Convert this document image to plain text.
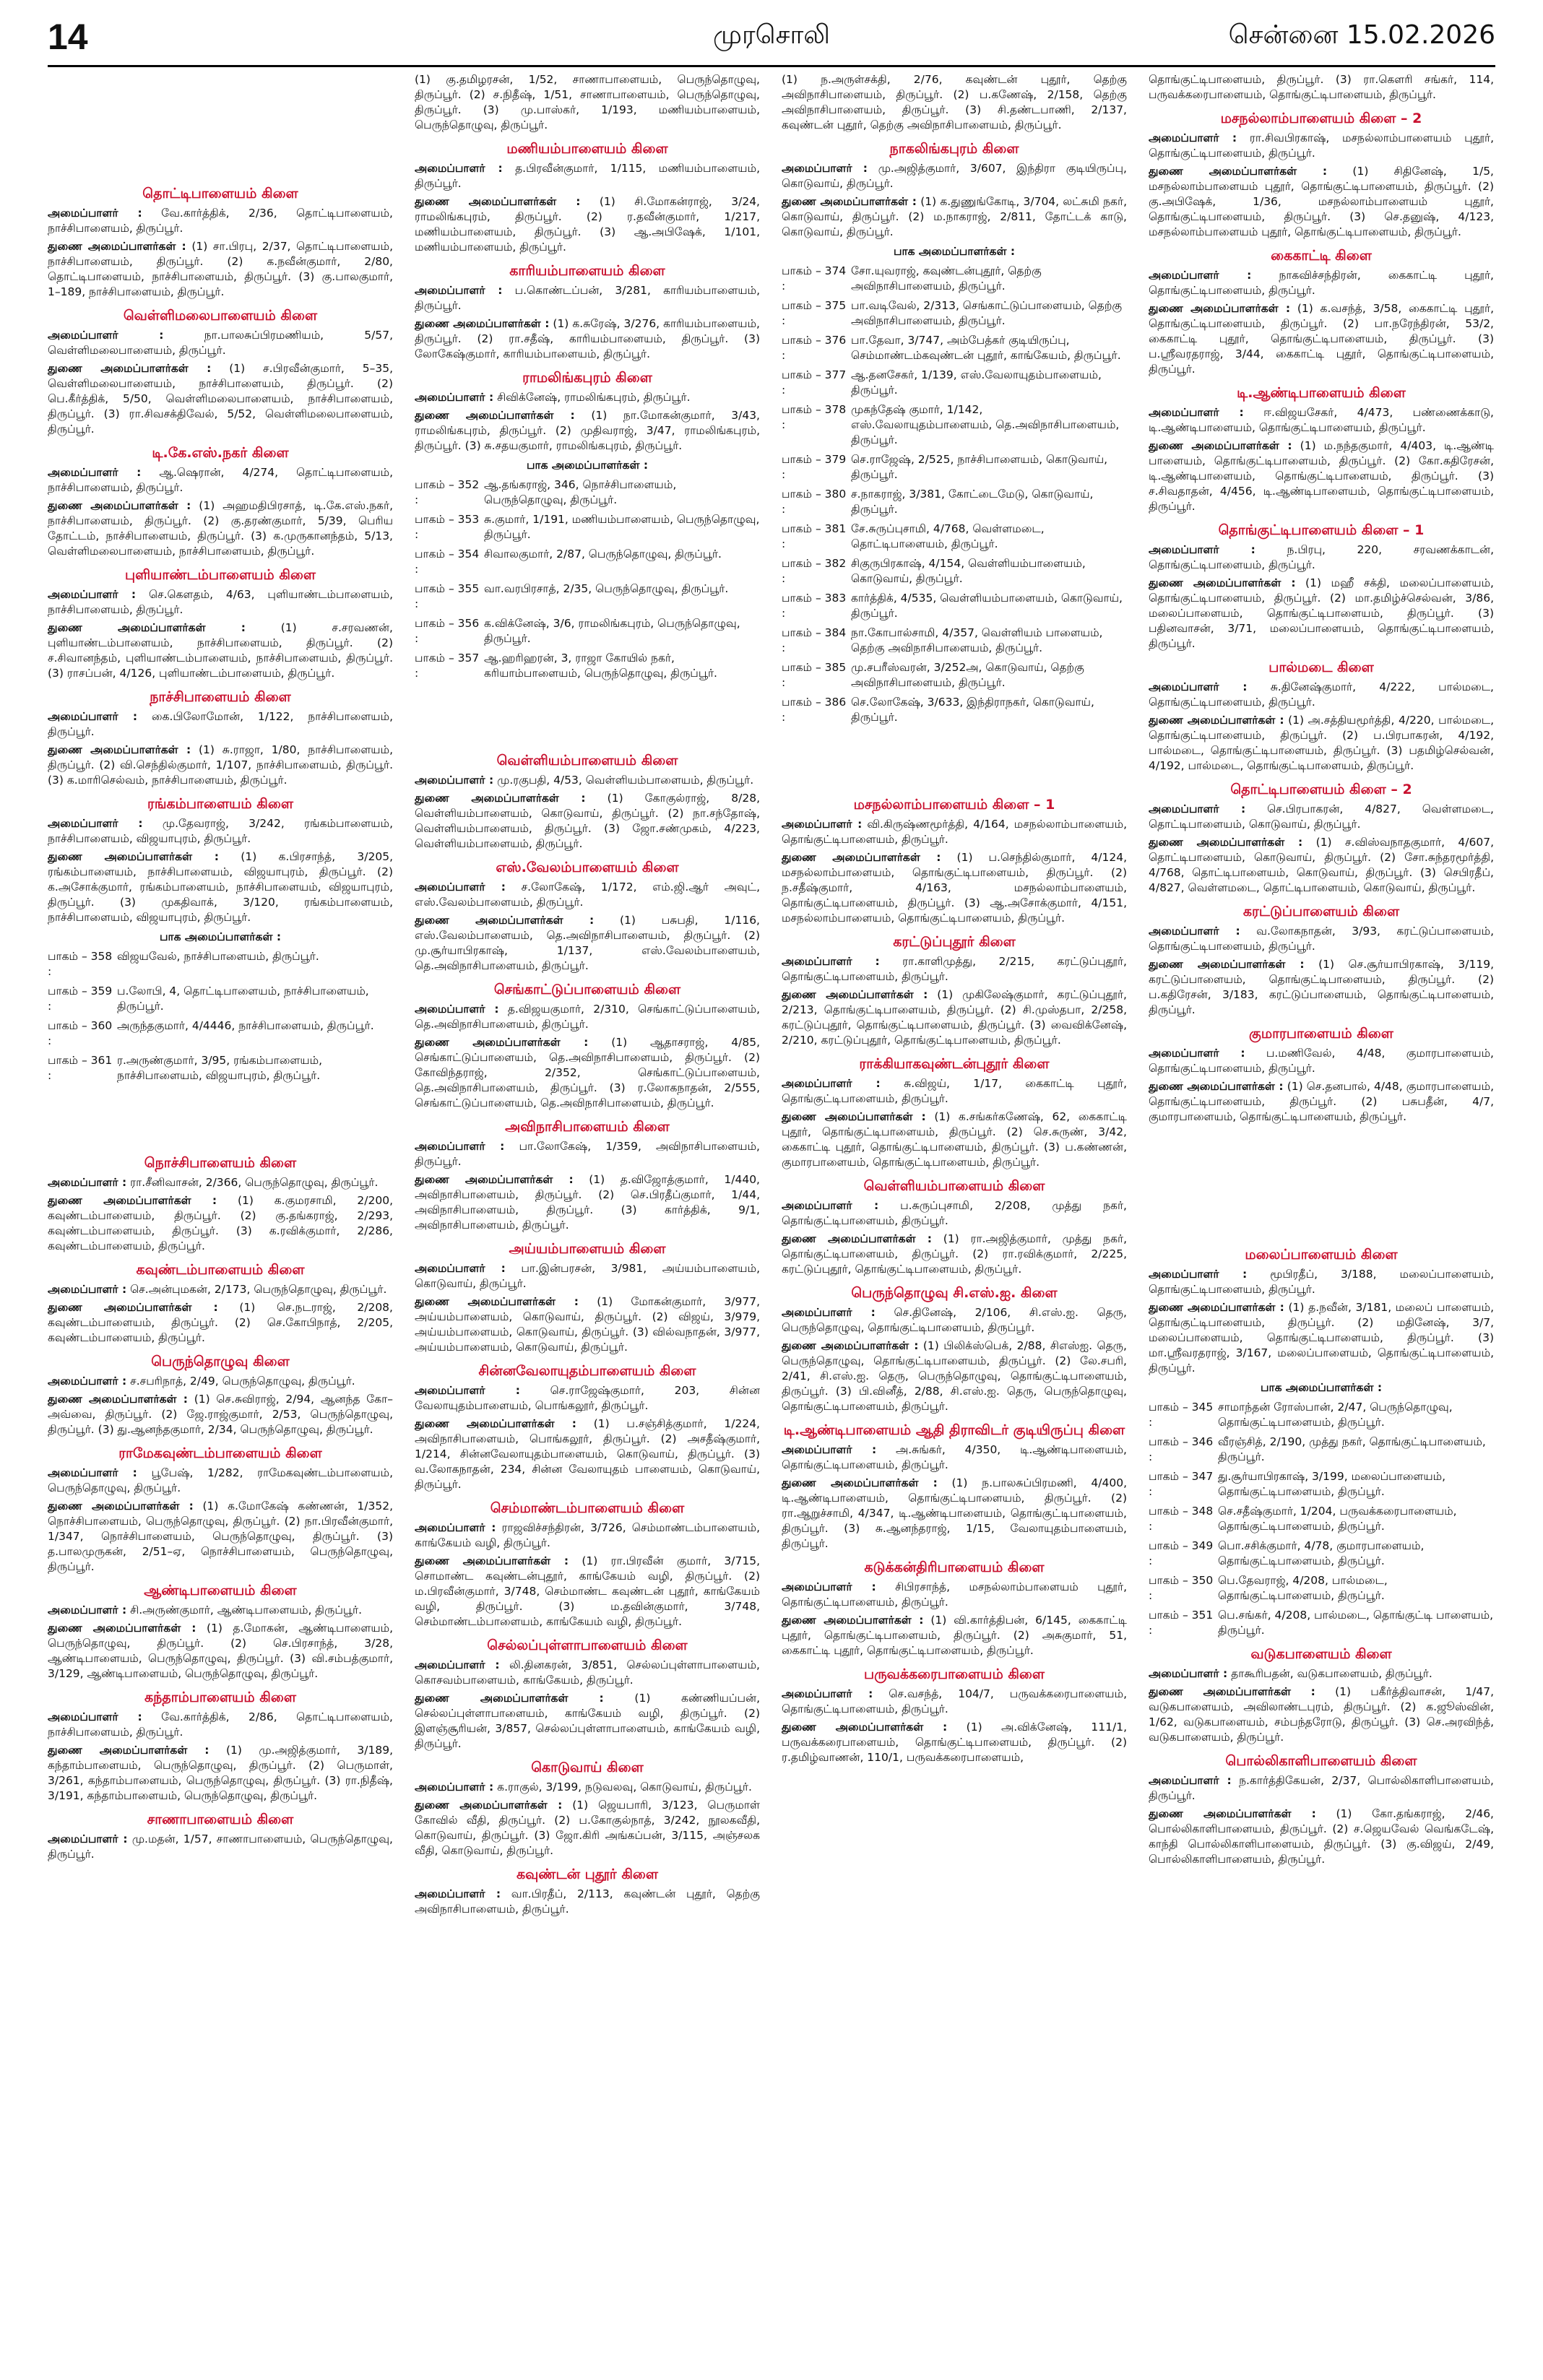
14	முரசொலி	சென்னை 15.02.2026
தொட்டிபாளையம் கிளை
அமைப்பாளர் : வே.கார்த்திக், 2/36, தொட்டிபாளையம், நாச்சிபாளையம், திருப்பூர்.
துணை அமைப்பாளர்கள் : (1) சா.பிரபு, 2/37, தொட்டிபாளையம், நாச்சிபாளையம், திருப்பூர். (2) க.நவீன்குமார், 2/80, தொட்டிபாளையம், நாச்சிபாளையம், திருப்பூர். (3) கு.பாலகுமார், 1–189, நாச்சிபாளையம், திருப்பூர்.
வெள்ளிமலைபாளையம் கிளை
அமைப்பாளர் :	நா.பாலசுப்பிரமணியம், 5/57, வெள்ளிமலைபாளையம், திருப்பூர்.
துணை அமைப்பாளர்கள் : (1) ச.பிரவீன்குமார், 5–35, வெள்ளிமலைபாளையம், நாச்சிபாளையம், திருப்பூர். (2) பெ.கீர்த்திக், 5/50, வெள்ளிமலைபாளையம், நாச்சிபாளையம், திருப்பூர். (3) ரா.சிவசக்திவேல், 5/52, வெள்ளிமலைபாளையம், திருப்பூர்.
டி.கே.எஸ்.நகர் கிளை
அமைப்பாளர் : ஆ.ஷெரான், 4/274, தொட்டிபாளையம், நாச்சிபாளையம், திருப்பூர்.
துணை அமைப்பாளர்கள் : (1) அஹமதிபிரசாத், டி.கே.எஸ்.நகர், நாச்சிபாளையம், திருப்பூர். (2) கு.தரண்குமார், 5/39, பெரிய தோட்டம், நாச்சிபாளையம், திருப்பூர். (3) க.முருகானந்தம், 5/13, வெள்ளிமலைபாளையம், நாச்சிபாளையம், திருப்பூர்.
புளியாண்டம்பாளையம் கிளை
அமைப்பாளர் : செ.கௌதம், 4/63, புளியாண்டம்பாளையம், நாச்சிபாளையம், திருப்பூர்.
துணை அமைப்பாளர்கள் :	(1) ச.சரவணன், புளியாண்டம்பாளையம், நாச்சிபாளையம், திருப்பூர். (2) ச.சிவானந்தம், புளியாண்டம்பாளையம், நாச்சிபாளையம், திருப்பூர். (3) ராசப்பன், 4/126, புளியாண்டம்பாளையம், திருப்பூர்.
நாச்சிபாளையம் கிளை
அமைப்பாளர் : கை.பிலோமோன், 1/122, நாச்சிபாளையம், திருப்பூர்.
துணை அமைப்பாளர்கள் : (1) சு.ராஜா, 1/80, நாச்சிபாளையம், திருப்பூர். (2) வி.செந்தில்குமார், 1/107, நாச்சிபாளையம், திருப்பூர். (3) க.மாரிசெல்வம், நாச்சிபாளையம், திருப்பூர்.
ரங்கம்பாளையம் கிளை
அமைப்பாளர் : மு.தேவராஜ், 3/242, ரங்கம்பாளையம், நாச்சிபாளையம், விஜயாபுரம், திருப்பூர்.
துணை அமைப்பாளர்கள் : (1) க.பிரசாந்த், 3/205, ரங்கம்பாளையம், நாச்சிபாளையம், விஜயாபுரம், திருப்பூர். (2) க.அசோக்குமார், ரங்கம்பாளையம், நாச்சிபாளையம், விஜயாபுரம், திருப்பூர். (3) முகதிவாக், 3/120, ரங்கம்பாளையம், நாச்சிபாளையம், விஜயாபுரம், திருப்பூர்.
பாக அமைப்பாளர்கள் :
பாகம் – 358 :
விஜயவேல், நாச்சிபாளையம், திருப்பூர்.
பாகம் – 359 :
ப.லோபி, 4, தொட்டிபாளையம், நாச்சிபாளையம், திருப்பூர்.
பாகம் – 360 :
அருந்தகுமார், 4/4446, நாச்சிபாளையம், திருப்பூர்.
பாகம் – 361 :
ர.அருண்குமார், 3/95, ரங்கம்பாளையம், நாச்சிபாளையம், விஜயாபுரம், திருப்பூர்.
நொச்சிபாளையம் கிளை
அமைப்பாளர் : ரா.சீனிவாசன், 2/366, பெருந்தொழுவு, திருப்பூர்.
துணை அமைப்பாளர்கள் : (1) க.குமரசாமி, 2/200, கவுண்டம்பாளையம், திருப்பூர். (2) கு.தங்கராஜ், 2/293, கவுண்டம்பாளையம், திருப்பூர். (3) க.ரவிக்குமார், 2/286, கவுண்டம்பாளையம், திருப்பூர்.
கவுண்டம்பாளையம் கிளை
அமைப்பாளர் : செ.அன்புமகன், 2/173, பெருந்தொழுவு, திருப்பூர்.
துணை அமைப்பாளர்கள் : (1) செ.நடராஜ், 2/208, கவுண்டம்பாளையம், திருப்பூர். (2) செ.கோபிநாத், 2/205, கவுண்டம்பாளையம், திருப்பூர்.
பெருந்தொழுவு கிளை
அமைப்பாளர் : ச.சபரிநாத், 2/49, பெருந்தொழுவு, திருப்பூர்.
துணை அமைப்பாளர்கள் : (1) செ.சுவிராஜ், 2/94, ஆனந்த கோ–அவ்வை, திருப்பூர். (2) ஜே.ராஜ்குமார், 2/53, பெருந்தொழுவு, திருப்பூர். (3) து.ஆனந்தகுமார், 2/34, பெருந்தொழுவு, திருப்பூர்.
ராமேகவுண்டம்பாளையம் கிளை
அமைப்பாளர் : பூபேஷ், 1/282, ராமேகவுண்டம்பாளையம், பெருந்தொழுவு, திருப்பூர்.
துணை அமைப்பாளர்கள் : (1) க.மோகேஷ் கண்ணன், 1/352, நொச்சிபாளையம், பெருந்தொழுவு, திருப்பூர். (2) நா.பிரவீன்குமார், 1/347, நொச்சிபாளையம், பெருந்தொழுவு, திருப்பூர். (3) த.பாலமுருகன், 2/51–ஏ, நொச்சிபாளையம், பெருந்தொழுவு, திருப்பூர்.
ஆண்டிபாளையம் கிளை
அமைப்பாளர் : சி.அருண்குமார், ஆண்டிபாளையம், திருப்பூர்.
துணை அமைப்பாளர்கள் : (1) த.மோகன், ஆண்டிபாளையம், பெருந்தொழுவு, திருப்பூர். (2) செ.பிரசாந்த், 3/28, ஆண்டிபாளையம், பெருந்தொழுவு, திருப்பூர். (3) வி.சம்பத்குமார், 3/129, ஆண்டிபாளையம், பெருந்தொழுவு, திருப்பூர்.
கந்தாம்பாளையம் கிளை
அமைப்பாளர் : வே.கார்த்திக், 2/86, தொட்டிபாளையம், நாச்சிபாளையம், திருப்பூர்.
துணை அமைப்பாளர்கள் : (1) மு.அஜித்குமார், 3/189, கந்தாம்பாளையம், பெருந்தொழுவு, திருப்பூர். (2) பெருமாள், 3/261, கந்தாம்பாளையம், பெருந்தொழுவு, திருப்பூர். (3) ரா.நிதீஷ், 3/191, கந்தாம்பாளையம், பெருந்தொழுவு, திருப்பூர்.
சாணாபாளையம் கிளை
அமைப்பாளர் : மு.மதன், 1/57, சாணாபாளையம், பெருந்தொழுவு, திருப்பூர்.
(1) கு.தமிழரசன், 1/52, சாணாபாளையம், பெருந்தொழுவு, திருப்பூர். (2) ச.நிதீஷ், 1/51, சாணாபாளையம், பெருந்தொழுவு, திருப்பூர். (3) மு.பாஸ்கர், 1/193, மணியம்பாளையம், பெருந்தொழுவு, திருப்பூர்.
மணியம்பாளையம் கிளை
அமைப்பாளர் : த.பிரவீன்குமார், 1/115, மணியம்பாளையம், திருப்பூர்.
துணை அமைப்பாளர்கள் : (1) சி.மோகன்ராஜ், 3/24, ராமலிங்கபுரம், திருப்பூர். (2) ர.தவீன்குமார், 1/217, மணியம்பாளையம், திருப்பூர். (3) ஆ.அபிஷேக், 1/101, மணியம்பாளையம், திருப்பூர்.
காரியம்பாளையம் கிளை
அமைப்பாளர் : ப.கொண்டப்பன், 3/281, காரியம்பாளையம், திருப்பூர்.
துணை அமைப்பாளர்கள் : (1) க.சுரேஷ், 3/276, காரியம்பாளையம், திருப்பூர். (2) ரா.சதீஷ், காரியம்பாளையம், திருப்பூர். (3) லோகேஷ்குமார், காரியம்பாளையம், திருப்பூர்.
ராமலிங்கபுரம் கிளை
அமைப்பாளர் : சிவிக்னேஷ், ராமலிங்கபுரம், திருப்பூர்.
துணை அமைப்பாளர்கள் : (1) நா.மோகன்குமார், 3/43, ராமலிங்கபுரம், திருப்பூர். (2) முதிவராஜ், 3/47, ராமலிங்கபுரம், திருப்பூர். (3) சு.சதயகுமார், ராமலிங்கபுரம், திருப்பூர்.
பாக அமைப்பாளர்கள் :
பாகம் – 352 :
ஆ.தங்கராஜ், 346, நொச்சிபாளையம், பெருந்தொழுவு, திருப்பூர்.
பாகம் – 353 :
சு.குமார், 1/191, மணியம்பாளையம், பெருந்தொழுவு, திருப்பூர்.
பாகம் – 354 :
சிவாலகுமார், 2/87, பெருந்தொழுவு, திருப்பூர்.
பாகம் – 355 :
வா.வரபிரசாத், 2/35, பெருந்தொழுவு, திருப்பூர்.
பாகம் – 356 :
க.விக்னேஷ், 3/6, ராமலிங்கபுரம், பெருந்தொழுவு, திருப்பூர்.
பாகம் – 357 :
ஆ.ஹரிஹரன், 3, ராஜா கோயில் நகர், கரியாம்பாளையம், பெருந்தொழுவு, திருப்பூர்.
வெள்ளியம்பாளையம் கிளை
அமைப்பாளர் : மு.ரகுபதி, 4/53, வெள்ளியம்பாளையம், திருப்பூர்.
துணை அமைப்பாளர்கள் : (1) கோகுல்ராஜ், 8/28, வெள்ளியம்பாளையம், கொடுவாய், திருப்பூர். (2) நா.சந்தோஷ், வெள்ளியம்பாளையம், திருப்பூர். (3) ஜோ.சண்முகம், 4/223, வெள்ளியம்பாளையம், திருப்பூர்.
எஸ்.வேலம்பாளையம் கிளை
அமைப்பாளர் : ச.லோகேஷ், 1/172, எம்.ஜி.ஆர் அவுட், எஸ்.வேலம்பாளையம், திருப்பூர்.
துணை அமைப்பாளர்கள் : (1) பசுபதி, 1/116, எஸ்.வேலம்பாளையம், தெ.அவிநாசிபாளையம், திருப்பூர். (2) மு.சூர்யாபிரகாஷ், 1/137, எஸ்.வேலம்பாளையம், தெ.அவிநாசிபாளையம், திருப்பூர்.
செங்காட்டுப்பாளையம் கிளை
அமைப்பாளர் : த.விஜயகுமார், 2/310, செங்காட்டுப்பாளையம், தெ.அவிநாசிபாளையம், திருப்பூர்.
துணை அமைப்பாளர்கள் : (1) ஆதாசராஜ், 4/85, செங்காட்டுப்பாளையம், தெ.அவிநாசிபாளையம், திருப்பூர். (2) கோவிந்தராஜ், 2/352, செங்காட்டுப்பாளையம், தெ.அவிநாசிபாளையம், திருப்பூர். (3) ர.லோகநாதன், 2/555, செங்காட்டுப்பாளையம், தெ.அவிநாசிபாளையம், திருப்பூர்.
அவிநாசிபாளையம் கிளை
அமைப்பாளர் : பா.லோகேஷ், 1/359, அவிநாசிபாளையம், திருப்பூர்.
துணை அமைப்பாளர்கள் : (1) த.விஜோத்குமார், 1/440, அவிநாசிபாளையம், திருப்பூர். (2) செ.பிரதீப்குமார், 1/44, அவிநாசிபாளையம், திருப்பூர். (3) கார்த்திக், 9/1, அவிநாசிபாளையம், திருப்பூர்.
அய்யம்பாளையம் கிளை
அமைப்பாளர் : பா.இன்பரசன், 3/981, அய்யம்பாளையம், கொடுவாய், திருப்பூர்.
துணை அமைப்பாளர்கள் : (1) மோகன்குமார், 3/977, அய்யம்பாளையம், கொடுவாய், திருப்பூர். (2) விஜய், 3/979, அய்யம்பாளையம், கொடுவாய், திருப்பூர். (3) வில்வநாதன், 3/977, அய்யம்பாளையம், கொடுவாய், திருப்பூர்.
சின்னவேலாயுதம்பாளையம் கிளை
அமைப்பாளர் :	செ.ராஜேஷ்குமார், 203, சின்ன வேலாயுதம்பாளையம், பொங்கலூர், திருப்பூர்.
துணை அமைப்பாளர்கள் : (1) ப.சஞ்சித்குமார், 1/224, அவிநாசிபாளையம், பொங்கலூர், திருப்பூர். (2) அசதீஷ்குமார், 1/214, சின்னவேலாயுதம்பாளையம், கொடுவாய், திருப்பூர். (3) வ.லோகநாதன், 234, சின்ன வேலாயுதம் பாளையம், கொடுவாய், திருப்பூர்.
செம்மாண்டம்பாளையம் கிளை
அமைப்பாளர் : ராஜவிச்சந்திரன், 3/726, செம்மாண்டம்பாளையம், காங்கேயம் வழி, திருப்பூர்.
துணை அமைப்பாளர்கள் : (1) ரா.பிரவீன் குமார், 3/715, சொமாண்ட கவுண்டன்புதூர், காங்கேயம் வழி, திருப்பூர். (2) ம.பிரவீன்குமார், 3/748, செம்மாண்ட கவுண்டன் புதூர், காங்கேயம் வழி, திருப்பூர். (3) ம.தவின்குமார், 3/748, செம்மாண்டம்பாளையம், காங்கேயம் வழி, திருப்பூர்.
செல்லப்புள்ளாபாளையம் கிளை
அமைப்பாளர் : லி.தினகரன், 3/851, செல்லப்புள்ளாபாளையம், கொசவம்பாளையம், காங்கேயம், திருப்பூர்.
துணை அமைப்பாளர்கள் :	(1) கண்ணியப்பன், செல்லப்புள்ளாபாளையம், காங்கேயம் வழி, திருப்பூர். (2) இளஞ்சூரியன், 3/857, செல்லப்புள்ளாபாளையம், காங்கேயம் வழி, திருப்பூர்.
கொடுவாய் கிளை
அமைப்பாளர் : க.ராகுல், 3/199, நடுவலவு, கொடுவாய், திருப்பூர்.
துணை அமைப்பாளர்கள் : (1) ஜெயபாரி, 3/123, பெருமாள் கோவில் வீதி, திருப்பூர். (2) ப.கோகுல்நாத், 3/242, நூலகவீதி, கொடுவாய், திருப்பூர். (3) ஜோ.கிரி அங்கப்பன், 3/115, அஞ்சலக வீதி, கொடுவாய், திருப்பூர்.
கவுண்டன் புதூர் கிளை
அமைப்பாளர் : வா.பிரதீப், 2/113, கவுண்டன் புதூர், தெற்கு அவிநாசிபாளையம், திருப்பூர்.
(1) ந.அருள்சக்தி, 2/76, கவுண்டன் புதூர், தெற்கு அவிநாசிபாளையம், திருப்பூர். (2) ப.கணேஷ், 2/158, தெற்கு அவிநாசிபாளையம், திருப்பூர். (3) சி.தண்டபாணி, 2/137, கவுண்டன் புதூர், தெற்கு அவிநாசிபாளையம், திருப்பூர்.
நாகலிங்கபுரம் கிளை
அமைப்பாளர் : மு.அஜித்குமார், 3/607, இந்திரா குடியிருப்பு, கொடுவாய், திருப்பூர்.
துணை அமைப்பாளர்கள் : (1) க.துணுங்கோடி, 3/704, லட்சுமி நகர், கொடுவாய், திருப்பூர். (2) ம.நாகராஜ், 2/811, தோட்டக் காடு, கொடுவாய், திருப்பூர்.
பாக அமைப்பாளர்கள் :
பாகம் – 374 :
சோ.யுவராஜ், கவுண்டன்புதூர், தெற்கு அவிநாசிபாளையம், திருப்பூர்.
பாகம் – 375 :
பா.வடிவேல், 2/313, செங்காட்டுப்பாளையம், தெற்கு அவிநாசிபாளையம், திருப்பூர்.
பாகம் – 376 :
பா.தேவா, 3/747, அம்பேத்கர் குடியிருப்பு, செம்மாண்டம்கவுண்டன் புதூர், காங்கேயம், திருப்பூர்.
பாகம் – 377 :
ஆ.தனசேகர், 1/139, எஸ்.வேலாயுதம்பாளையம், திருப்பூர்.
பாகம் – 378 :
முகந்தேஷ் குமார், 1/142, எஸ்.வேலாயுதம்பாளையம், தெ.அவிநாசிபாளையம், திருப்பூர்.
பாகம் – 379 :
செ.ராஜேஷ், 2/525, நாச்சிபாளையம், கொடுவாய், திருப்பூர்.
பாகம் – 380 :
ச.நாகராஜ், 3/381, கோட்டைமேடு, கொடுவாய், திருப்பூர்.
பாகம் – 381 :
சே.சுருப்புசாமி, 4/768, வெள்ளமடை, தொட்டிபாளையம், திருப்பூர்.
பாகம் – 382 :
சிகுருபிரகாஷ், 4/154, வெள்ளியம்பாளையம், கொடுவாய், திருப்பூர்.
பாகம் – 383 :
கார்த்திக், 4/535, வெள்ளியம்பாளையம், கொடுவாய், திருப்பூர்.
பாகம் – 384 :
நா.கோபால்சாமி, 4/357, வெள்ளியம் பாளையம், தெற்கு அவிநாசிபாளையம், திருப்பூர்.
பாகம் – 385 :
மு.சபரீஸ்வரன், 3/252அ, கொடுவாய், தெற்கு அவிநாசிபாளையம், திருப்பூர்.
பாகம் – 386 :
செ.லோகேஷ், 3/633, இந்திராநகர், கொடுவாய், திருப்பூர்.
மசநல்லாம்பாளையம் கிளை – 1
அமைப்பாளர் : வி.கிருஷ்ணமூர்த்தி, 4/164, மசநல்லாம்பாளையம், தொங்குட்டிபாளையம், திருப்பூர்.
துணை அமைப்பாளர்கள் : (1) ப.செந்தில்குமார், 4/124, மசநல்லாம்பாளையம், தொங்குட்டிபாளையம், திருப்பூர். (2) ந.சதீஷ்குமார், 4/163, மசநல்லாம்பாளையம், தொங்குட்டிபாளையம், திருப்பூர். (3) ஆ.அசோக்குமார், 4/151, மசநல்லாம்பாளையம், தொங்குட்டிபாளையம், திருப்பூர்.
கரட்டுப்புதூர் கிளை
அமைப்பாளர் : ரா.காளிமுத்து, 2/215, கரட்டுப்புதூர், தொங்குட்டிபாளையம், திருப்பூர்.
துணை அமைப்பாளர்கள் : (1) முகிலேஷ்குமார், கரட்டுப்புதூர், 2/213, தொங்குட்டிபாளையம், திருப்பூர். (2) சி.முஸ்தபா, 2/258, கரட்டுப்புதூர், தொங்குட்டிபாளையம், திருப்பூர். (3) வைவிக்னேஷ், 2/210, கரட்டுப்புதூர், தொங்குட்டிபாளையம், திருப்பூர்.
ராக்கியாகவுண்டன்புதூர் கிளை
அமைப்பாளர் : சு.விஜய், 1/17, கைகாட்டி புதூர், தொங்குட்டிபாளையம், திருப்பூர்.
துணை அமைப்பாளர்கள் : (1) க.சங்கர்கணேஷ், 62, கைகாட்டி புதூர், தொங்குட்டிபாளையம், திருப்பூர். (2) செ.சுருண், 3/42, கைகாட்டி புதூர், தொங்குட்டிபாளையம், திருப்பூர். (3) ப.கண்ணன், குமாரபாளையம், தொங்குட்டிபாளையம், திருப்பூர்.
வெள்ளியம்பாளையம் கிளை
அமைப்பாளர் : ப.சுருப்புசாமி, 2/208, முத்து நகர், தொங்குட்டிபாளையம், திருப்பூர்.
துணை அமைப்பாளர்கள் : (1) ரா.அஜித்குமார், முத்து நகர், தொங்குட்டிபாளையம், திருப்பூர். (2) ரா.ரவிக்குமார், 2/225, கரட்டுப்புதூர், தொங்குட்டிபாளையம், திருப்பூர்.
பெருந்தொழுவு சி.எஸ்.ஐ. கிளை
அமைப்பாளர் : செ.தினேஷ், 2/106, சி.எஸ்.ஐ. தெரு, பெருந்தொழுவு, தொங்குட்டிபாளையம், திருப்பூர்.
துணை அமைப்பாளர்கள் : (1) பிலிக்ஸ்பெக், 2/88, சிஎஸ்ஐ. தெரு, பெருந்தொழுவு, தொங்குட்டிபாளையம், திருப்பூர். (2) லே.சபரி, 2/41, சி.எஸ்.ஐ. தெரு, பெருந்தொழுவு, தொங்குட்டிபாளையம், திருப்பூர். (3) பி.வினீத், 2/88, சி.எஸ்.ஐ. தெரு, பெருந்தொழுவு, தொங்குட்டிபாளையம், திருப்பூர்.
டி.ஆண்டிபாளையம் ஆதி திராவிடர் குடியிருப்பு கிளை
அமைப்பாளர் : அ.சுங்கர், 4/350, டி.ஆண்டிபாளையம், தொங்குட்டிபாளையம், திருப்பூர்.
துணை அமைப்பாளர்கள் : (1) ந.பாலசுப்பிரமணி, 4/400, டி.ஆண்டிபாளையம், தொங்குட்டிபாளையம், திருப்பூர். (2) ரா.ஆறுச்சாமி, 4/347, டி.ஆண்டிபாளையம், தொங்குட்டிபாளையம், திருப்பூர். (3) சு.ஆனந்தராஜ், 1/15, வேலாயுதம்பாளையம், திருப்பூர்.
கடுக்கன்திரிபாளையம் கிளை
அமைப்பாளர் : சிபிரசாந்த், மசநல்லாம்பாளையம் புதூர், தொங்குட்டிபாளையம், திருப்பூர்.
துணை அமைப்பாளர்கள் : (1) வி.கார்த்திபன், 6/145, கைகாட்டி புதூர், தொங்குட்டிபாளையம், திருப்பூர். (2) அசுகுமார், 51, கைகாட்டி புதூர், தொங்குட்டிபாளையம், திருப்பூர்.
பருவக்கரைபாளையம் கிளை
அமைப்பாளர் : செ.வசந்த், 104/7, பருவக்கரைபாளையம், தொங்குட்டிபாளையம், திருப்பூர்.
துணை அமைப்பாளர்கள் : (1) அ.விக்னேஷ், 111/1, பருவக்கரைபாளையம், தொங்குட்டிபாளையம், திருப்பூர். (2) ர.தமிழ்வாணன், 110/1, பருவக்கரைபாளையம்,
தொங்குட்டிபாளையம், திருப்பூர். (3) ரா.கௌரி சங்கர், 114, பருவக்கரைபாளையம், தொங்குட்டிபாளையம், திருப்பூர்.
மசநல்லாம்பாளையம் கிளை – 2
அமைப்பாளர் : ரா.சிவபிரகாஷ், மசநல்லாம்பாளையம் புதூர், தொங்குட்டிபாளையம், திருப்பூர்.
துணை அமைப்பாளர்கள் : (1) சிதினேஷ், 1/5, மசநல்லாம்பாளையம் புதூர், தொங்குட்டிபாளையம், திருப்பூர். (2) கு.அபிஷேக், 1/36, மசநல்லாம்பாளையம் புதூர், தொங்குட்டிபாளையம், திருப்பூர். (3) செ.தனுஷ், 4/123, மசநல்லாம்பாளையம் புதூர், தொங்குட்டிபாளையம், திருப்பூர்.
கைகாட்டி கிளை
அமைப்பாளர் : நாகவிச்சந்திரன், கைகாட்டி புதூர், தொங்குட்டிபாளையம், திருப்பூர்.
துணை அமைப்பாளர்கள் : (1) க.வசந்த், 3/58, கைகாட்டி புதூர், தொங்குட்டிபாளையம், திருப்பூர். (2) பா.நரேந்திரன், 53/2, கைகாட்டி புதூர், தொங்குட்டிபாளையம், திருப்பூர். (3) ப.ஸ்ரீவரதராஜ், 3/44, கைகாட்டி புதூர், தொங்குட்டிபாளையம், திருப்பூர்.
டி.ஆண்டிபாளையம் கிளை
அமைப்பாளர் : ஈ.விஜயசேகர், 4/473, பண்ணைக்காடு, டி.ஆண்டிபாளையம், தொங்குட்டிபாளையம், திருப்பூர்.
துணை அமைப்பாளர்கள் : (1) ம.நந்தகுமார், 4/403, டி.ஆண்டி பாளையம், தொங்குட்டிபாளையம், திருப்பூர். (2) கோ.கதிரேசன், டி.ஆண்டிபாளையம், தொங்குட்டிபாளையம், திருப்பூர். (3) ச.சிவதாதன், 4/456, டி.ஆண்டிபாளையம், தொங்குட்டிபாளையம், திருப்பூர்.
தொங்குட்டிபாளையம் கிளை – 1
அமைப்பாளர் :	ந.பிரபு, 220, சரவணக்காடன், தொங்குட்டிபாளையம், திருப்பூர்.
துணை அமைப்பாளர்கள் : (1) மஹீ சக்தி, மலைப்பாளையம், தொங்குட்டிபாளையம், திருப்பூர். (2) மா.தமிழ்ச்செல்வன், 3/86, மலைப்பாளையம், தொங்குட்டிபாளையம், திருப்பூர். (3) பதினவாசன், 3/71, மலைப்பாளையம், தொங்குட்டிபாளையம், திருப்பூர்.
பால்மடை கிளை
அமைப்பாளர் : சு.தினேஷ்குமார், 4/222, பால்மடை, தொங்குட்டிபாளையம், திருப்பூர்.
துணை அமைப்பாளர்கள் : (1) அ.சத்தியமூர்த்தி, 4/220, பால்மடை, தொங்குட்டிபாளையம், திருப்பூர். (2) ப.பிரபாகரன், 4/192, பால்மடை, தொங்குட்டிபாளையம், திருப்பூர். (3) பதமிழ்செல்வன், 4/192, பால்மடை, தொங்குட்டிபாளையம், திருப்பூர்.
தொட்டிபாளையம் கிளை – 2
அமைப்பாளர் : செ.பிரபாகரன், 4/827, வெள்ளமடை, தொட்டிபாளையம், கொடுவாய், திருப்பூர்.
துணை அமைப்பாளர்கள் : (1) ச.விஸ்வநாதகுமார், 4/607, தொட்டிபாளையம், கொடுவாய், திருப்பூர். (2) சோ.சுந்தரமூர்த்தி, 4/768, தொட்டிபாளையம், கொடுவாய், திருப்பூர். (3) செபிரதீப், 4/827, வெள்ளமடை, தொட்டிபாளையம், கொடுவாய், திருப்பூர்.
கரட்டுப்பாளையம் கிளை
அமைப்பாளர் : வ.லோகநாதன், 3/93, கரட்டுப்பாளையம், தொங்குட்டிபாளையம், திருப்பூர்.
துணை அமைப்பாளர்கள் : (1) செ.சூர்யாபிரகாஷ், 3/119, கரட்டுப்பாளையம், தொங்குட்டிபாளையம், திருப்பூர். (2) ப.கதிரேசன், 3/183, கரட்டுப்பாளையம், தொங்குட்டிபாளையம், திருப்பூர்.
குமாரபாளையம் கிளை
அமைப்பாளர் : ப.மணிவேல், 4/48, குமாரபாளையம், தொங்குட்டிபாளையம், திருப்பூர்.
துணை அமைப்பாளர்கள் : (1) செ.தனபால், 4/48, குமாரபாளையம், தொங்குட்டிபாளையம், திருப்பூர். (2) பசுபதீன், 4/7, குமாரபாளையம், தொங்குட்டிபாளையம், திருப்பூர்.
மலைப்பாளையம் கிளை
அமைப்பாளர் : மூபிரதீப், 3/188, மலைப்பாளையம், தொங்குட்டிபாளையம், திருப்பூர்.
துணை அமைப்பாளர்கள் : (1) த.நவீன், 3/181, மலைப் பாளையம், தொங்குட்டிபாளையம், திருப்பூர். (2) மதினேஷ், 3/7, மலைப்பாளையம், தொங்குட்டிபாளையம், திருப்பூர். (3) மா.ஸ்ரீவரதராஜ், 3/167, மலைப்பாளையம், தொங்குட்டிபாளையம், திருப்பூர்.
பாக அமைப்பாளர்கள் :
பாகம் – 345 :
சாமாந்தன் ரோஸ்பான், 2/47, பெருந்தொழுவு, தொங்குட்டிபாளையம், திருப்பூர்.
பாகம் – 346 :
வீரஞ்சித், 2/190, முத்து நகர், தொங்குட்டிபாளையம், திருப்பூர்.
பாகம் – 347 :
து.சூர்யாபிரகாஷ், 3/199, மலைப்பாளையம், தொங்குட்டிபாளையம், திருப்பூர்.
பாகம் – 348 :
செ.சதீஷ்குமார், 1/204, பருவக்கரைபாளையம், தொங்குட்டிபாளையம், திருப்பூர்.
பாகம் – 349 :
பொ.சசிக்குமார், 4/78, குமாரபாளையம், தொங்குட்டிபாளையம், திருப்பூர்.
பாகம் – 350 :
பெ.தேவராஜ், 4/208, பால்மடை, தொங்குட்டிபாளையம், திருப்பூர்.
பாகம் – 351 :
பெ.சங்கர், 4/208, பால்மடை, தொங்குட்டி பாளையம், திருப்பூர்.
வடுகபாளையம் கிளை
அமைப்பாளர் : தாகூரிபதன், வடுகபாளையம், திருப்பூர்.
துணை அமைப்பாளர்கள் : (1) பகீர்த்திவாசன், 1/47, வடுகபாளையம், அவிலாண்டபுரம், திருப்பூர். (2) க.ஜூஸ்வின், 1/62, வடுகபாளையம், சம்பந்தரோடு, திருப்பூர். (3) செ.அரவிந்த், வடுகபாளையம், திருப்பூர்.
பொல்லிகாளிபாளையம் கிளை
அமைப்பாளர் : ந.கார்த்திகேயன், 2/37, பொல்லிகாளிபாளையம், திருப்பூர்.
துணை அமைப்பாளர்கள் : (1) கோ.தங்கராஜ், 2/46, பொல்லிகாளிபாளையம், திருப்பூர். (2) ச.ஜெயவேல் வெங்கடேஷ், காந்தி பொல்லிகாளிபாளையம், திருப்பூர். (3) கு.விஜய், 2/49, பொல்லிகாளிபாளையம், திருப்பூர்.
